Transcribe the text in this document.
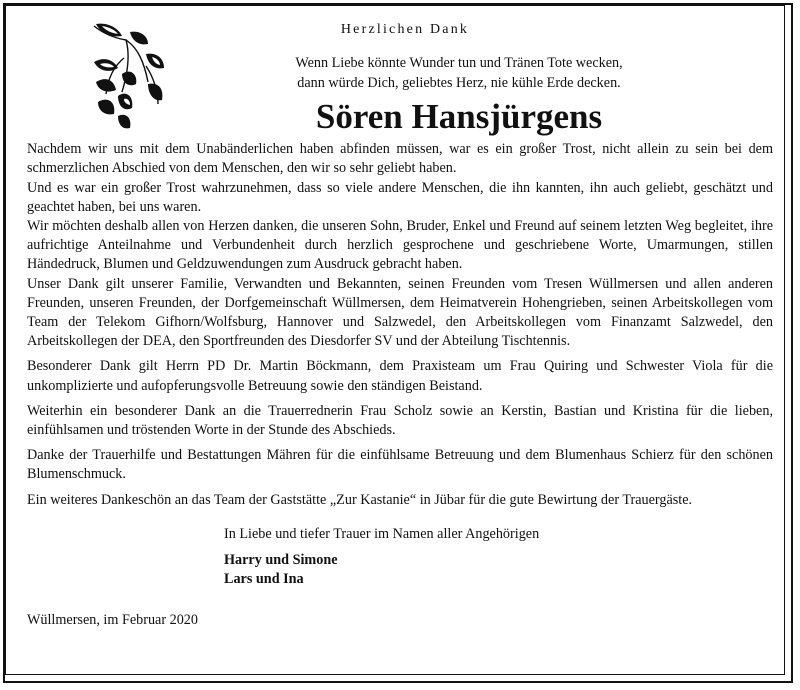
Herzlichen Dank
Wenn Liebe könnte Wunder tun und Tränen Tote wecken,
dann würde Dich, geliebtes Herz, nie kühle Erde decken.
Sören Hansjürgens

Nachdem wir uns mit dem Unabänderlichen haben abfinden müssen, war es ein großer Trost, nicht allein zu sein bei dem schmerzlichen Abschied von dem Menschen, den wir so sehr geliebt haben.

Und es war ein großer Trost wahrzunehmen, dass so viele andere Menschen, die ihn kannten, ihn auch geliebt, geschätzt und geachtet haben, bei uns waren.

Wir möchten deshalb allen von Herzen danken, die unseren Sohn, Bruder, Enkel und Freund auf seinem letzten Weg begleitet, ihre aufrichtige Anteilnahme und Verbundenheit durch herzlich gesprochene und geschriebene Worte, Umarmungen, stillen Händedruck, Blumen und Geldzuwendungen zum Ausdruck gebracht haben.

Unser Dank gilt unserer Familie, Verwandten und Bekannten, seinen Freunden vom Tresen Wüllmersen und allen anderen Freunden, unseren Freunden, der Dorfgemeinschaft Wüllmersen, dem Heimatverein Hohengrieben, seinen Arbeitskollegen vom Team der Telekom Gifhorn/Wolfsburg, Hannover und Salzwedel, den Arbeitskollegen vom Finanzamt Salzwedel, den Arbeitskollegen der DEA, den Sportfreunden des Diesdorfer SV und der Abteilung Tischtennis.

Besonderer Dank gilt Herrn PD Dr. Martin Böckmann, dem Praxisteam um Frau Quiring und Schwester Viola für die unkomplizierte und aufopferungsvolle Betreuung sowie den ständigen Beistand.

Weiterhin ein besonderer Dank an die Trauerrednerin Frau Scholz sowie an Kerstin, Bastian und Kristina für die lieben, einfühlsamen und tröstenden Worte in der Stunde des Abschieds.

Danke der Trauerhilfe und Bestattungen Mähren für die einfühlsame Betreuung und dem Blumenhaus Schierz für den schönen Blumenschmuck.

Ein weiteres Dankeschön an das Team der Gaststätte „Zur Kastanie“ in Jübar für die gute Bewirtung der Trauergäste.

In Liebe und tiefer Trauer im Namen aller Angehörigen
Harry und Simone
Lars und Ina
Wüllmersen, im Februar 2020
